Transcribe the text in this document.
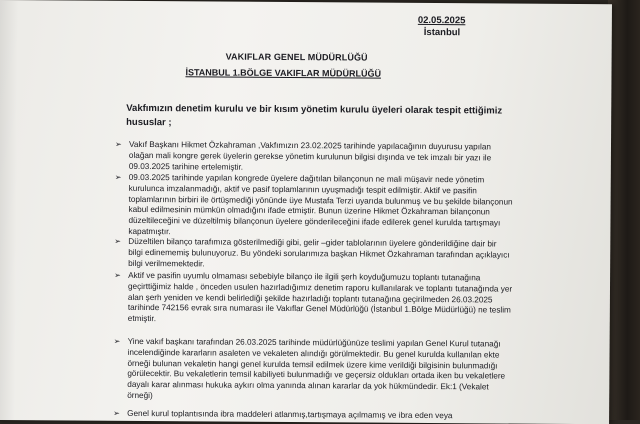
02.05.2025
İstanbul
VAKIFLAR GENEL MÜDÜRLÜĞÜ
İSTANBUL 1.BÖLGE VAKIFLAR MÜDÜRLÜĞÜ
Vakfımızın denetim kurulu ve bir kısım yönetim kurulu üyeleri olarak tespit ettiğimiz hususlar ;
➢ Vakıf Başkanı Hikmet Özkahraman ,Vakfımızın 23.02.2025 tarihinde yapılacağının duyurusu yapılan olağan mali kongre gerek üyelerin gerekse yönetim kurulunun bilgisi dışında ve tek imzalı bir yazı ile 09.03.2025 tarihine ertelemiştir.
➢ 09.03.2025 tarihinde yapılan kongrede üyelere dağıtılan bilançonun ne mali müşavir nede yönetim kurulunca imzalanmadığı, aktif ve pasif toplamlarının uyuşmadığı tespit edilmiştir. Aktif ve pasifin toplamlarının birbiri ile örtüşmediği yönünde üye Mustafa Terzi uyarıda bulunmuş ve bu şekilde bilançonun kabul edilmesinin mümkün olmadığını ifade etmiştir. Bunun üzerine Hikmet Özkahraman bilançonun düzeltileceğini ve düzeltilmiş bilançonun üyelere gönderileceğini ifade edilerek genel kurulda tartışmayı kapatmıştır.
➢ Düzeltilen bilanço tarafımıza gösterilmediği gibi, gelir –gider tablolarının üyelere gönderildiğine dair bir bilgi edinememiş bulunuyoruz. Bu yöndeki sorularımıza başkan Hikmet Özkahraman tarafından açıklayıcı bilgi verilmemektedir.
➢ Aktif ve pasifin uyumlu olmaması sebebiyle bilanço ile ilgili şerh koyduğumuzu toplantı tutanağına geçirttiğimiz halde , önceden usulen hazırladığımız denetim raporu kullanılarak ve toplantı tutanağında yer alan şerh yeniden ve kendi belirlediği şekilde hazırladığı toplantı tutanağına geçirilmeden 26.03.2025 tarihinde 742156 evrak sıra numarası ile Vakıflar Genel Müdürlüğü (İstanbul 1.Bölge Müdürlüğü) ne teslim etmiştir.
➢ Yine vakıf başkanı tarafından 26.03.2025 tarihinde müdürlüğünüze teslimi yapılan Genel Kurul tutanağı incelendiğinde kararların asaleten ve vekaleten alındığı görülmektedir. Bu genel kurulda kullanılan ekte örneği bulunan vekaletin hangi genel kurulda temsil edilmek üzere kime verildiği bilgisinin bulunmadığı görülecektir. Bu vekaletlerin temsil kabiliyeti bulunmadığı ve geçersiz oldukları ortada iken bu vekaletlere dayalı karar alınması hukuka aykırı olma yanında alınan kararlar da yok hükmündedir. Ek:1 (Vekalet örneği)
➢ Genel kurul toplantısında ibra maddeleri atlanmış,tartışmaya açılmamış ve ibra eden veya
